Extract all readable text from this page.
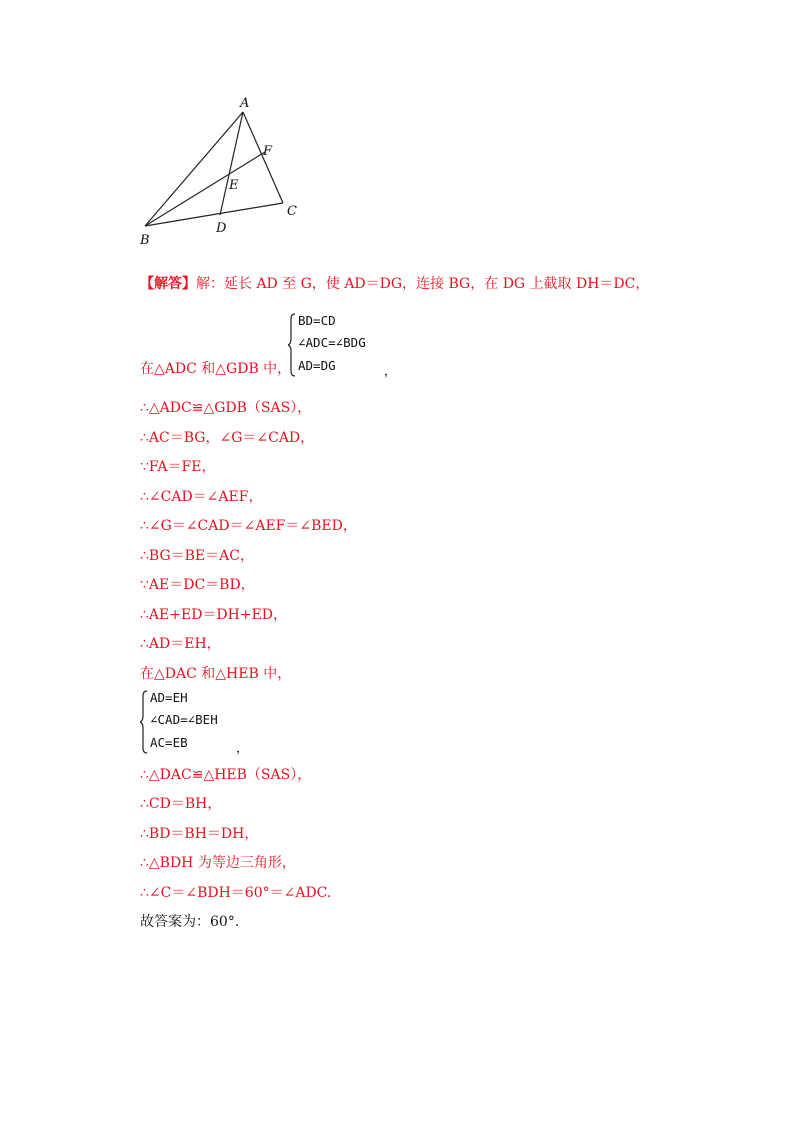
A
F
E
C
D
B
【解答】解：延长 AD 至 G，使 AD＝DG，连接 BG，在 DG 上截取 DH＝DC，
BD=CD
∠ADC=∠BDG
AD=DG	，
在△ADC 和△GDB 中，
∴△ADC≌△GDB（SAS），
∴AC＝BG，∠G＝∠CAD，
∵FA＝FE，
∴∠CAD＝∠AEF，
∴∠G＝∠CAD＝∠AEF＝∠BED，
∴BG＝BE＝AC，
∵AE＝DC＝BD，
∴AE+ED＝DH+ED，
∴AD＝EH，
在△DAC 和△HEB 中，
AD=EH
∠CAD=∠BEH
AC=EB	，
∴△DAC≌△HEB（SAS），
∴CD＝BH，
∴BD＝BH＝DH，
∴△BDH 为等边三角形，
∴∠C＝∠BDH＝60°＝∠ADC.
故答案为：60°.
